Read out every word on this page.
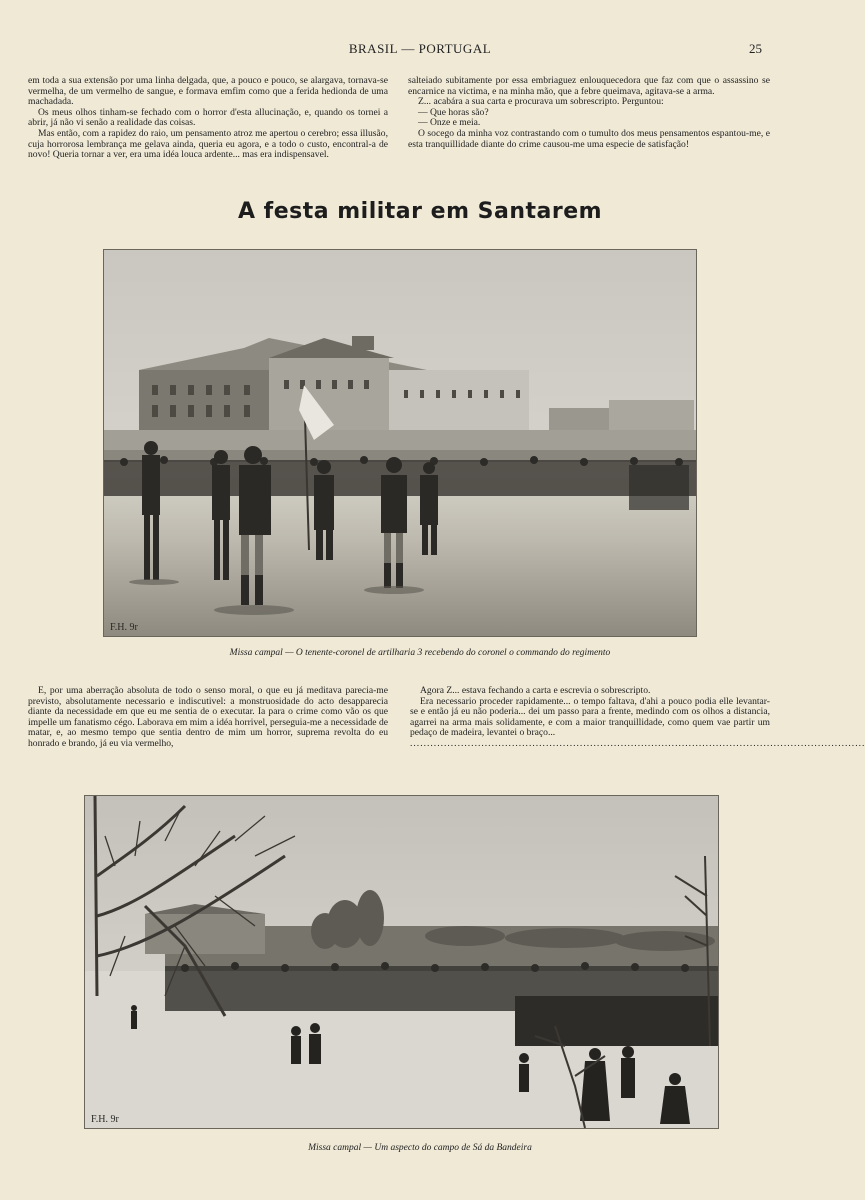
BRASIL — PORTUGAL	25

em toda a sua extensão por uma linha delgada, que, a pouco e pouco, se alargava, tornava-se vermelha, de um vermelho de sangue, e formava emfim como que a ferida hedionda de uma machadada.

Os meus olhos tinham-se fechado com o horror d'esta allucinação, e, quando os tornei a abrir, já não vi senão a realidade das coisas.

Mas então, com a rapidez do raio, um pensamento atroz me apertou o cerebro; essa illusão, cuja horrorosa lembrança me gelava ainda, queria eu agora, e a todo o custo, encontral-a de novo! Queria tornar a ver, era uma idéa louca ardente... mas era indispensavel.

salteiado subitamente por essa embriaguez enlouquecedora que faz com que o assassino se encarnice na victima, e na minha mão, que a febre queimava, agitava-se a arma.

Z... acabára a sua carta e procurava um sobrescripto. Perguntou:

— Que horas são?

— Onze e meia.

O socego da minha voz contrastando com o tumulto dos meus pensamentos espantou-me, e esta tranquillidade diante do crime causou-me uma especie de satisfação!

A festa militar em Santarem
F.H. 9r
Missa campal — O tenente-coronel de artilharia 3 recebendo do coronel o commando do regimento

E, por uma aberração absoluta de todo o senso moral, o que eu já meditava parecia-me previsto, absolutamente necessario e indiscutivel: a monstruosidade do acto desapparecia diante da necessidade em que eu me sentia de o executar. Ia para o crime como vão os que impelle um fanatismo cégo. Laborava em mim a idéa horrivel, perseguia-me a necessidade de matar, e, ao mesmo tempo que sentia dentro de mim um horror, suprema revolta do eu honrado e brando, já eu via vermelho,

Agora Z... estava fechando a carta e escrevia o sobrescripto.

Era necessario proceder rapidamente... o tempo faltava, d'ahi a pouco podia elle levantar-se e então já eu não poderia... dei um passo para a frente, medindo com os olhos a distancia, agarrei na arma mais solidamente, e com a maior tranquillidade, como quem vae partir um pedaço de madeira, levantei o braço...

......................................................................................................................................

F.H. 9r
Missa campal — Um aspecto do campo de Sá da Bandeira
